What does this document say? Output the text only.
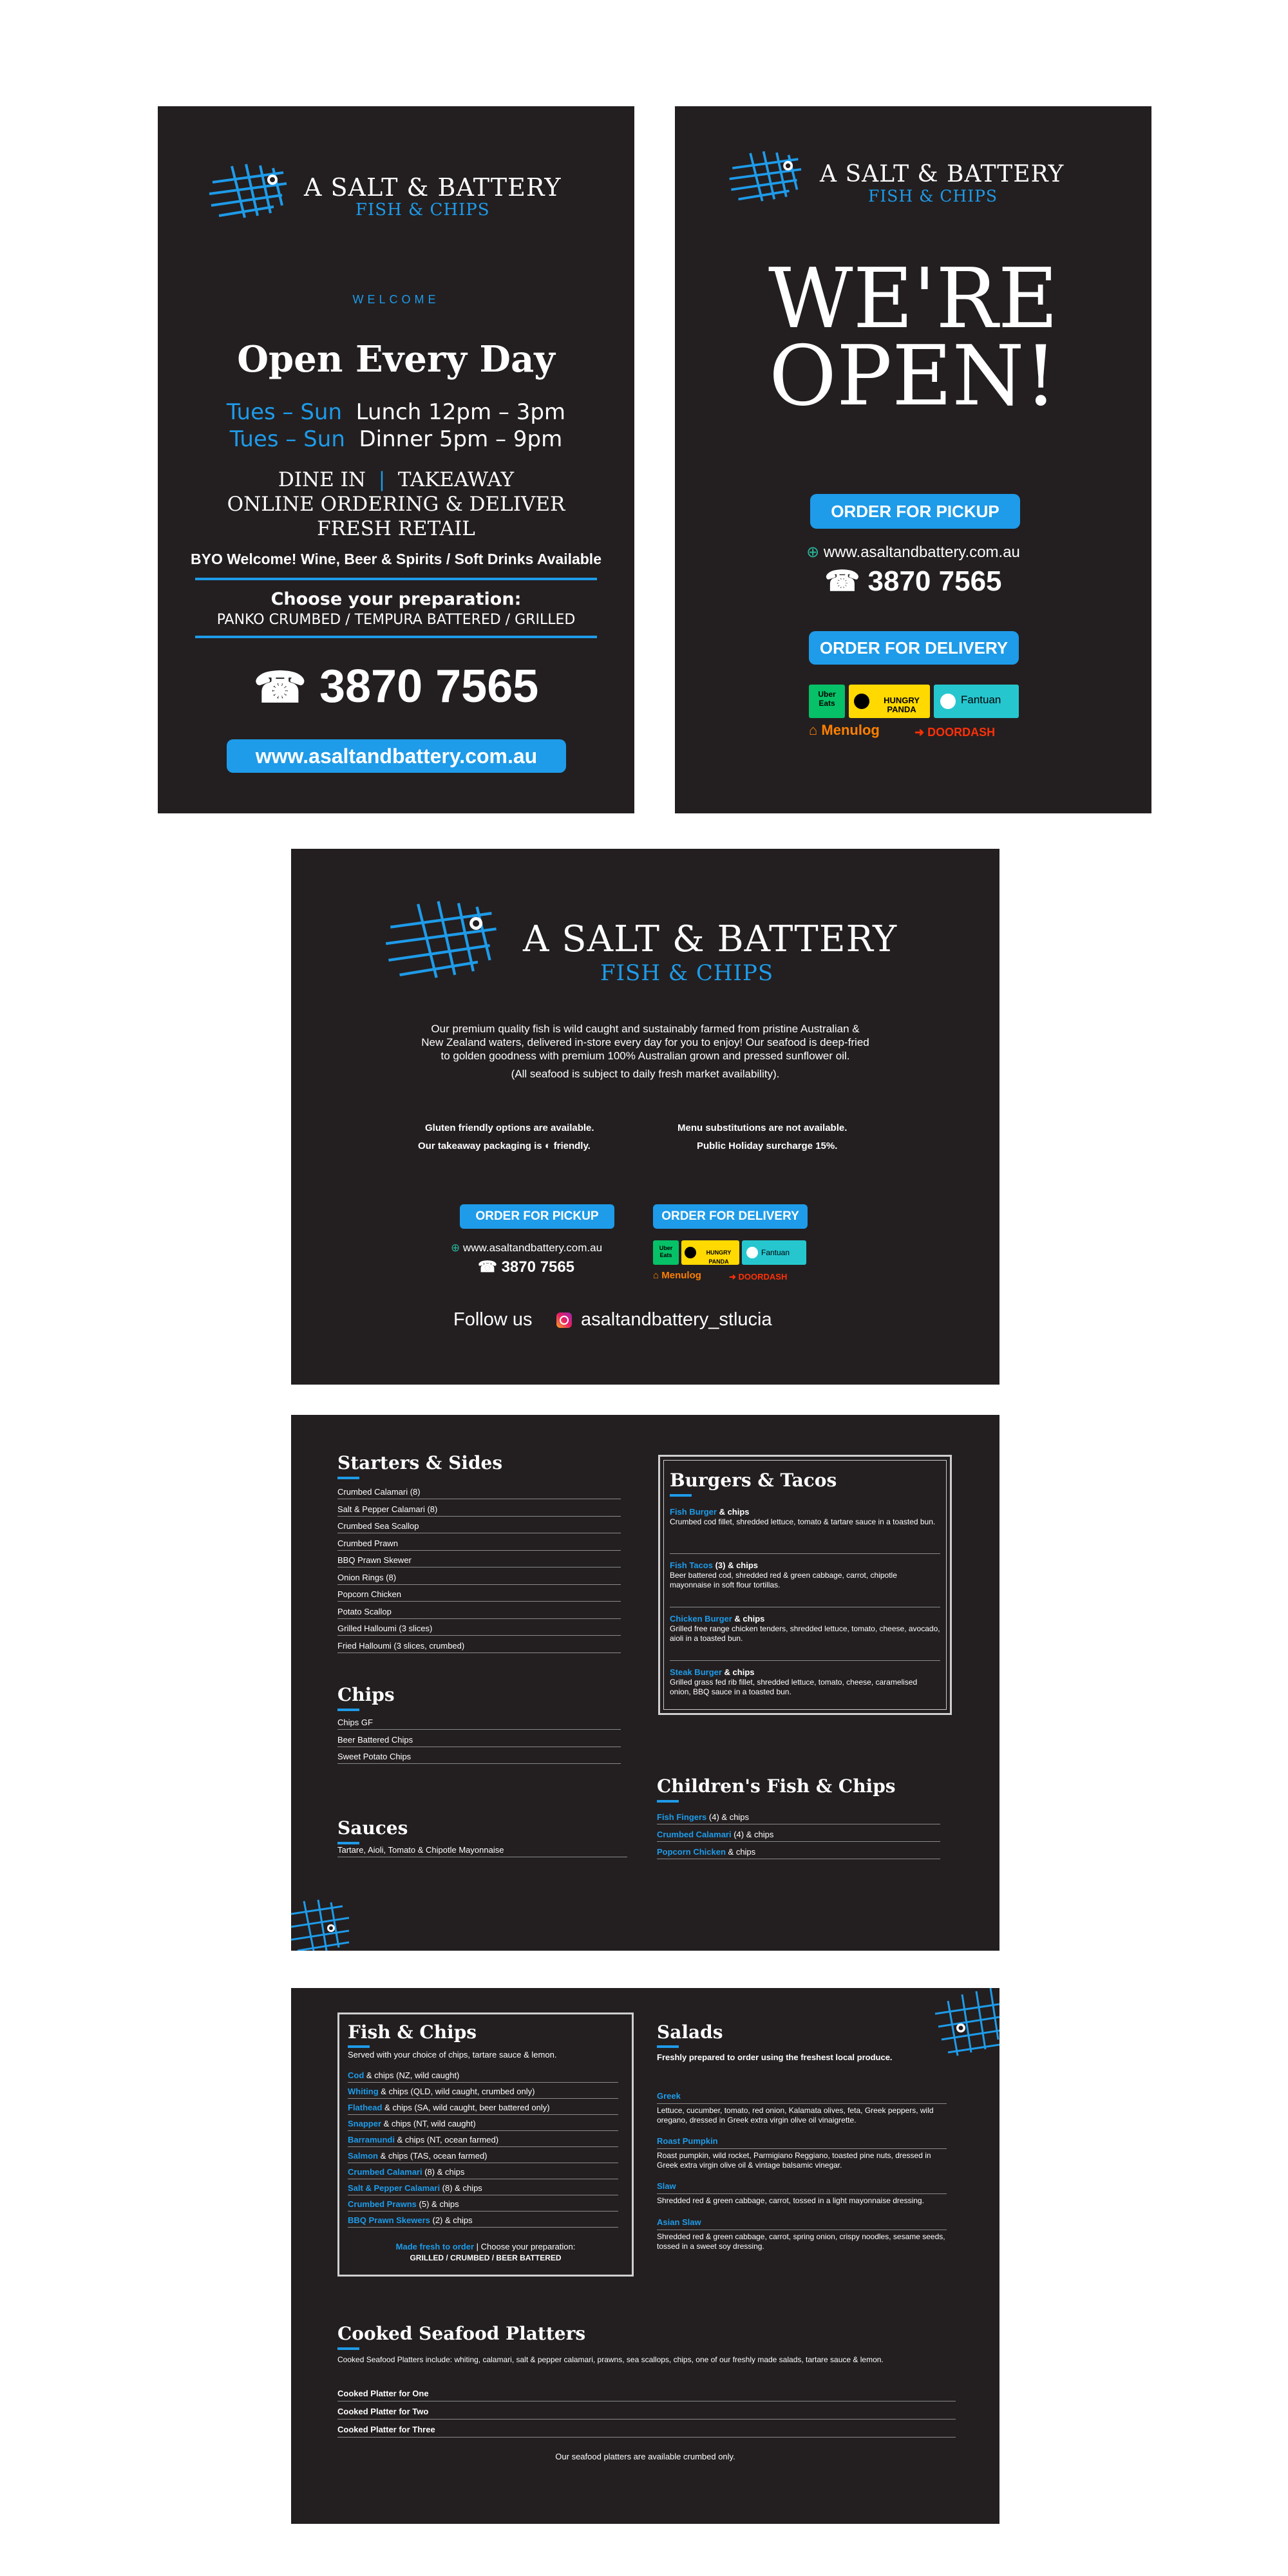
A SALT & BATTERY
FISH & CHIPS
WELCOME
Open Every Day
Tues – Sun Lunch 12pm – 3pm
Tues – Sun Dinner 5pm – 9pm
DINE IN  |  TAKEAWAY
ONLINE ORDERING & DELIVER
FRESH RETAIL
BYO Welcome! Wine, Beer & Spirits / Soft Drinks Available
Choose your preparation:
PANKO CRUMBED / TEMPURA BATTERED / GRILLED
☎ 3870 7565
www.asaltandbattery.com.au
A SALT & BATTERY
FISH & CHIPS
WE'RE
OPEN!
ORDER FOR PICKUP
⊕ www.asaltandbattery.com.au
☎ 3870 7565
ORDER FOR DELIVERY
Uber Eats	HUNGRY PANDA
Fantuan
⌂ Menulog	➜ DOORDASH
A SALT & BATTERY
FISH & CHIPS
Our premium quality fish is wild caught and sustainably farmed from pristine Australian &
New Zealand waters, delivered in-store every day for you to enjoy! Our seafood is deep-fried
to golden goodness with premium 100% Australian grown and pressed sunflower oil.
(All seafood is subject to daily fresh market availability).
Gluten friendly options are available.
Our takeaway packaging is ◐ friendly.
Menu substitutions are not available.
Public Holiday surcharge 15%.
ORDER FOR PICKUP	ORDER FOR DELIVERY
⊕ www.asaltandbattery.com.au
☎ 3870 7565
Uber Eats	HUNGRY PANDA
Fantuan
⌂ Menulog	➜ DOORDASH
Follow us	asaltandbattery_stlucia
Starters & Sides
Crumbed Calamari (8)
Salt & Pepper Calamari (8)
Crumbed Sea Scallop
Crumbed Prawn
BBQ Prawn Skewer
Onion Rings (8)
Popcorn Chicken
Potato Scallop
Grilled Halloumi (3 slices)
Fried Halloumi (3 slices, crumbed)
Chips
Chips GF
Beer Battered Chips
Sweet Potato Chips
Sauces
Tartare, Aioli, Tomato & Chipotle Mayonnaise
Burgers & Tacos
Fish Burger & chips
Crumbed cod fillet, shredded lettuce, tomato & tartare sauce in a toasted bun.
Fish Tacos (3) & chips
Beer battered cod, shredded red & green cabbage, carrot, chipotle mayonnaise in soft flour tortillas.
Chicken Burger & chips
Grilled free range chicken tenders, shredded lettuce, tomato, cheese, avocado, aioli in a toasted bun.
Steak Burger & chips
Grilled grass fed rib fillet, shredded lettuce, tomato, cheese, caramelised onion, BBQ sauce in a toasted bun.
Children's Fish & Chips
Fish Fingers (4) & chips
Crumbed Calamari (4) & chips
Popcorn Chicken & chips
Fish & Chips
Served with your choice of chips, tartare sauce & lemon.
Cod & chips (NZ, wild caught)
Whiting & chips (QLD, wild caught, crumbed only)
Flathead & chips (SA, wild caught, beer battered only)
Snapper & chips (NT, wild caught)
Barramundi & chips (NT, ocean farmed)
Salmon & chips (TAS, ocean farmed)
Crumbed Calamari (8) & chips
Salt & Pepper Calamari (8) & chips
Crumbed Prawns (5) & chips
BBQ Prawn Skewers (2) & chips
Made fresh to order | Choose your preparation:
GRILLED / CRUMBED / BEER BATTERED
Salads
Freshly prepared to order using the freshest local produce.
Greek
Lettuce, cucumber, tomato, red onion, Kalamata olives, feta, Greek peppers, wild oregano, dressed in Greek extra virgin olive oil vinaigrette.
Roast Pumpkin
Roast pumpkin, wild rocket, Parmigiano Reggiano, toasted pine nuts, dressed in Greek extra virgin olive oil & vintage balsamic vinegar.
Slaw
Shredded red & green cabbage, carrot, tossed in a light mayonnaise dressing.
Asian Slaw
Shredded red & green cabbage, carrot, spring onion, crispy noodles, sesame seeds, tossed in a sweet soy dressing.
Cooked Seafood Platters
Cooked Seafood Platters include: whiting, calamari, salt & pepper calamari, prawns, sea scallops, chips, one of our freshly made salads, tartare sauce & lemon.
Cooked Platter for One
Cooked Platter for Two
Cooked Platter for Three
Our seafood platters are available crumbed only.
